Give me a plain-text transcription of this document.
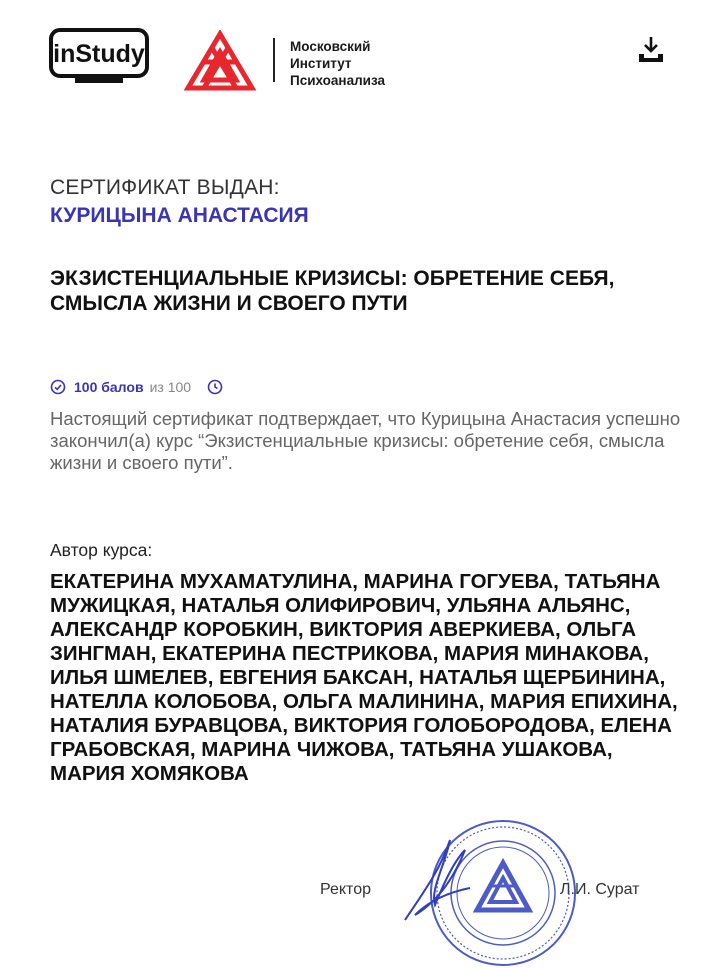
inStudy	Московский
Институт
Психоанализа
СЕРТИФИКАТ ВЫДАН:
КУРИЦЫНА АНАСТАСИЯ
ЭКЗИСТЕНЦИАЛЬНЫЕ КРИЗИСЫ: ОБРЕТЕНИЕ СЕБЯ, СМЫСЛА ЖИЗНИ И СВОЕГО ПУТИ
100 балов из 100
Настоящий сертификат подтверждает, что Курицына Анастасия успешно закончил(а) курс “Экзистенциальные кризисы: обретение себя, смысла жизни и своего пути”.
Автор курса:
ЕКАТЕРИНА МУХАМАТУЛИНА, МАРИНА ГОГУЕВА, ТАТЬЯНА МУЖИЦКАЯ, НАТАЛЬЯ ОЛИФИРОВИЧ, УЛЬЯНА АЛЬЯНС, АЛЕКСАНДР КОРОБКИН, ВИКТОРИЯ АВЕРКИЕВА, ОЛЬГА ЗИНГМАН, ЕКАТЕРИНА ПЕСТРИКОВА, МАРИЯ МИНАКОВА, ИЛЬЯ ШМЕЛЕВ, ЕВГЕНИЯ БАКСАН, НАТАЛЬЯ ЩЕРБИНИНА, НАТЕЛЛА КОЛОБОВА, ОЛЬГА МАЛИНИНА, МАРИЯ ЕПИХИНА, НАТАЛИЯ БУРАВЦОВА, ВИКТОРИЯ ГОЛОБОРОДОВА, ЕЛЕНА ГРАБОВСКАЯ, МАРИНА ЧИЖОВА, ТАТЬЯНА УШАКОВА, МАРИЯ ХОМЯКОВА
Ректор	Л.И. Сурат
